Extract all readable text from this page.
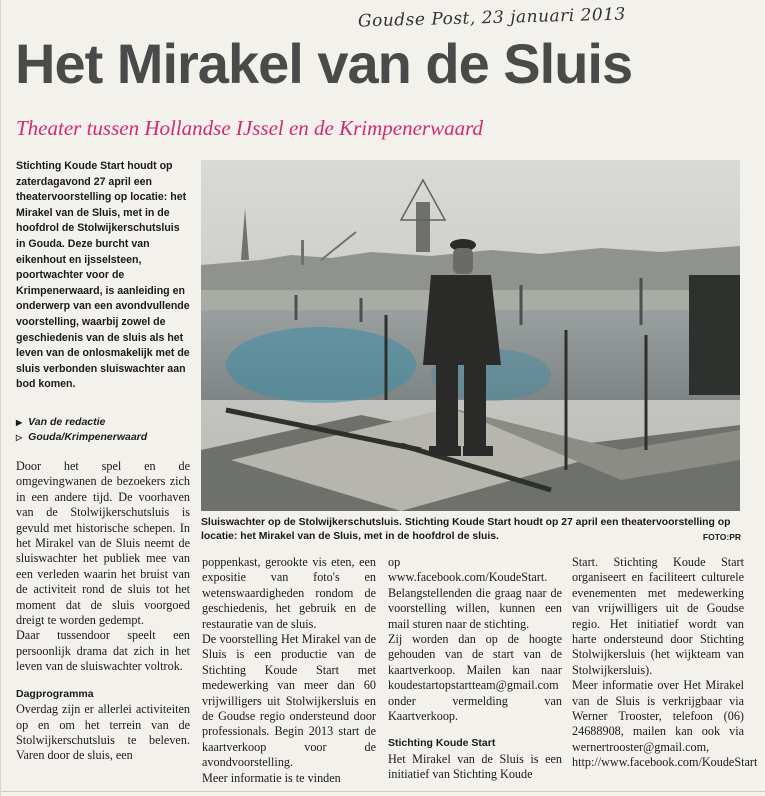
Goudse Post, 23 januari 2013
Het Mirakel van de Sluis
Theater tussen Hollandse IJssel en de Krimpenerwaard
Stichting Koude Start houdt op zaterdagavond 27 april een theatervoorstelling op locatie: het Mirakel van de Sluis, met in de hoofdrol de Stolwijkerschutsluis in Gouda. Deze burcht van eikenhout en ijsselsteen, poortwachter voor de Krimpenerwaard, is aanleiding en onderwerp van een avondvullende voorstelling, waarbij zowel de geschiedenis van de sluis als het leven van de onlosmakelijk met de sluis verbonden sluiswachter aan bod komen.
▶ Van de redactie
▷ Gouda/Krimpenerwaard
Sluiswachter op de Stolwijkerschutsluis. Stichting Koude Start houdt op 27 april een theatervoorstelling op locatie: het Mirakel van de Sluis, met in de hoofdrol de sluis.	FOTO:PR

Door het spel en de omgevingwanen de bezoekers zich in een andere tijd. De voorhaven van de Stolwijkerschutsluis is gevuld met historische schepen. In het Mirakel van de Sluis neemt de sluiswachter het publiek mee van een verleden waarin het bruist van de activiteit rond de sluis tot het moment dat de sluis voorgoed dreigt te worden gedempt.

Daar tussendoor speelt een persoonlijk drama dat zich in het leven van de sluiswachter voltrok.

Dagprogramma

Overdag zijn er allerlei activiteiten op en om het terrein van de Stolwijkerschutsluis te beleven. Varen door de sluis, een

poppenkast, gerookte vis eten, een expositie van foto's en wetenswaardigheden rondom de geschiedenis, het gebruik en de restauratie van de sluis.

De voorstelling Het Mirakel van de Sluis is een productie van de Stichting Koude Start met medewerking van meer dan 60 vrijwilligers uit Stolwijkersluis en de Goudse regio ondersteund door professionals. Begin 2013 start de kaartverkoop voor de avondvoorstelling.

Meer informatie is te vinden

op www.facebook.com/KoudeStart. Belangstellenden die graag naar de voorstelling willen, kunnen een mail sturen naar de stichting.

Zij worden dan op de hoogte gehouden van de start van de kaartverkoop. Mailen kan naar koudestartopstartteam@gmail.com onder vermelding van Kaartverkoop.

Stichting Koude Start

Het Mirakel van de Sluis is een initiatief van Stichting Koude

Start. Stichting Koude Start organiseert en faciliteert culturele evenementen met medewerking van vrijwilligers uit de Goudse regio. Het initiatief wordt van harte ondersteund door Stichting Stolwijkersluis (het wijkteam van Stolwijkersluis).

Meer informatie over Het Mirakel van de Sluis is verkrijgbaar via Werner Trooster, telefoon (06) 24688908, mailen kan ook via wernertrooster@gmail.com, http://www.facebook.com/KoudeStart
